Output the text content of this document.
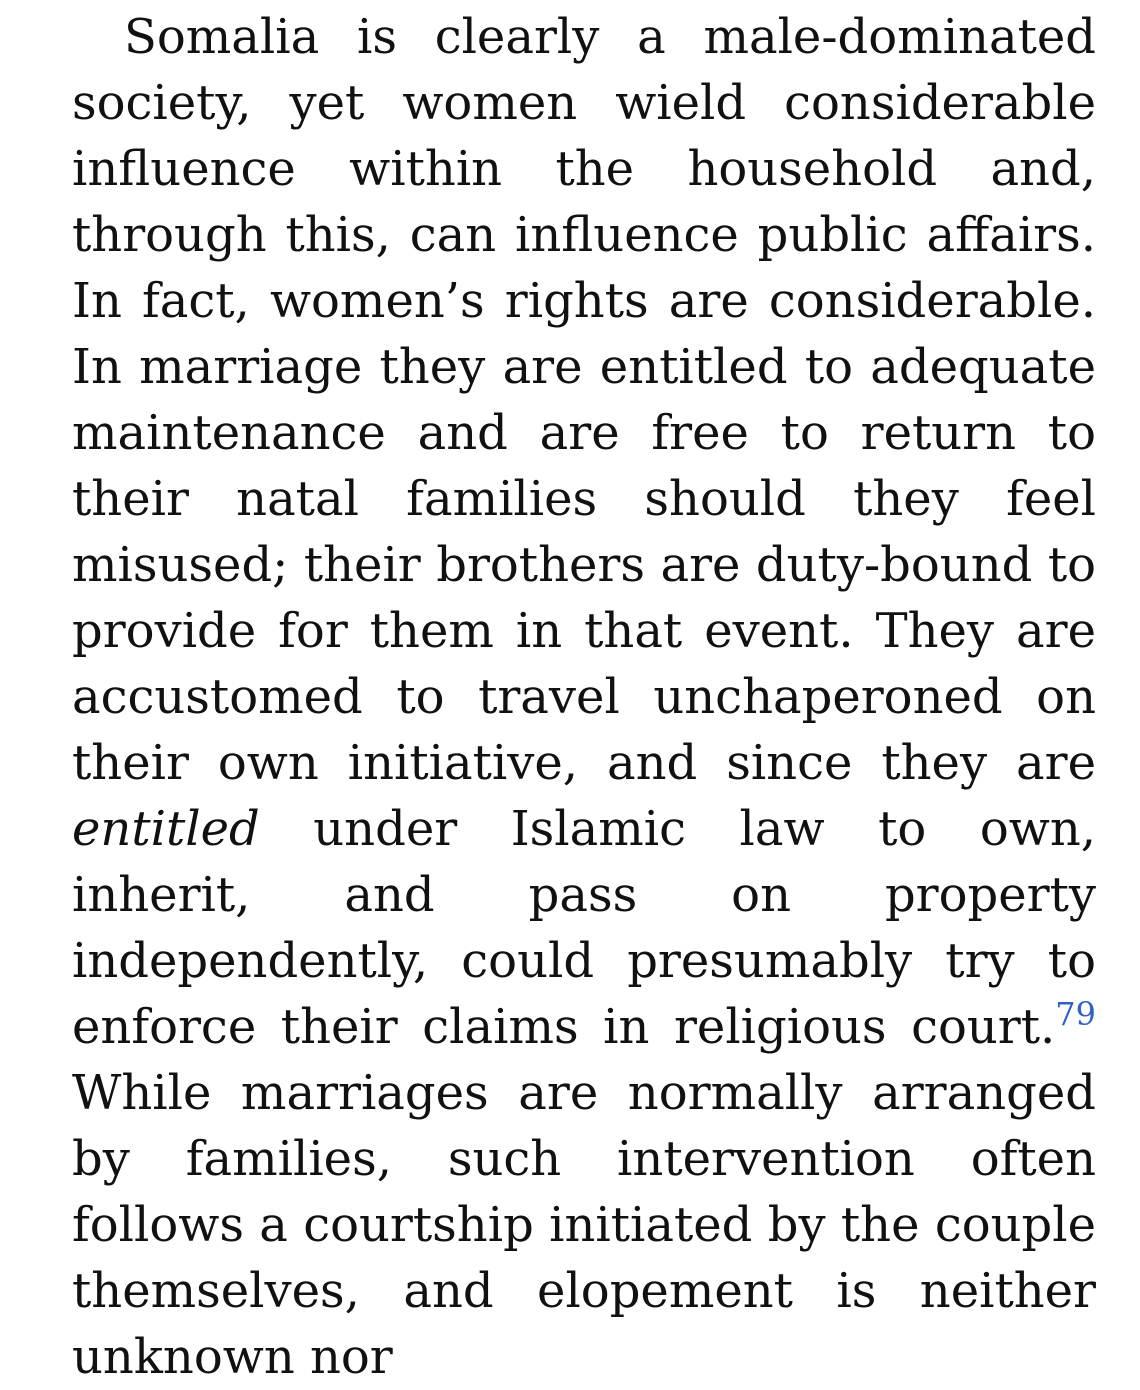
Somalia is clearly a male-dominated society, yet women wield considerable influence within the household and, through this, can influence public affairs. In fact, women’s rights are considerable. In marriage they are entitled to adequate maintenance and are free to return to their natal families should they feel misused; their brothers are duty-bound to provide for them in that event. They are accustomed to travel unchaperoned on their own initiative, and since they are entitled under Islamic law to own, inherit, and pass on property independently, could presumably try to enforce their claims in religious court.$^{79}$ While marriages are normally arranged by families, such intervention often follows a courtship initiated by the couple themselves, and elopement is neither unknown nor
